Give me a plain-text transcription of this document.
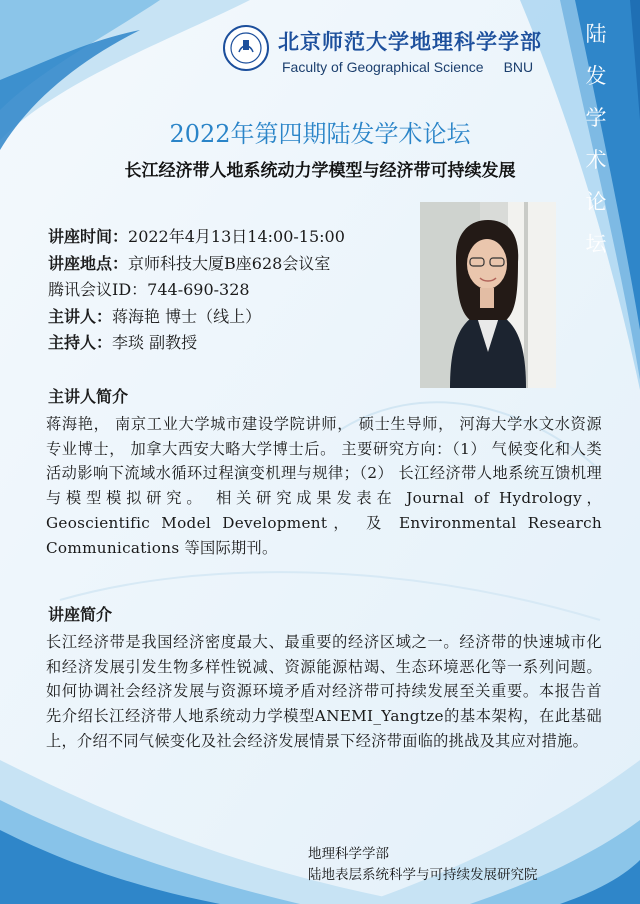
北京师范大学地理科学学部
Faculty of Geographical Science BNU
陆
发
学
术
论
坛
2022年第四期陆发学术论坛
长江经济带人地系统动力学模型与经济带可持续发展
讲座时间：2022年4月13日14:00-15:00
讲座地点：京师科技大厦B座628会议室
腾讯会议ID：744-690-328
主讲人：蒋海艳 博士（线上）
主持人：李琰 副教授
主讲人简介
蒋海艳， 南京工业大学城市建设学院讲师， 硕士生导师， 河海大学水文水资源专业博士， 加拿大西安大略大学博士后。 主要研究方向：（1） 气候变化和人类活动影响下流域水循环过程演变机理与规律；（2） 长江经济带人地系统互馈机理与模型模拟研究。 相关研究成果发表在 Journal of Hydrology， Geoscientific Model Development， 及 Environmental Research Communications 等国际期刊。
讲座简介
长江经济带是我国经济密度最大、最重要的经济区域之一。经济带的快速城市化和经济发展引发生物多样性锐减、资源能源枯竭、生态环境恶化等一系列问题。如何协调社会经济发展与资源环境矛盾对经济带可持续发展至关重要。本报告首先介绍长江经济带人地系统动力学模型ANEMI_Yangtze的基本架构，在此基础上，介绍不同气候变化及社会经济发展情景下经济带面临的挑战及其应对措施。
地理科学学部
陆地表层系统科学与可持续发展研究院
